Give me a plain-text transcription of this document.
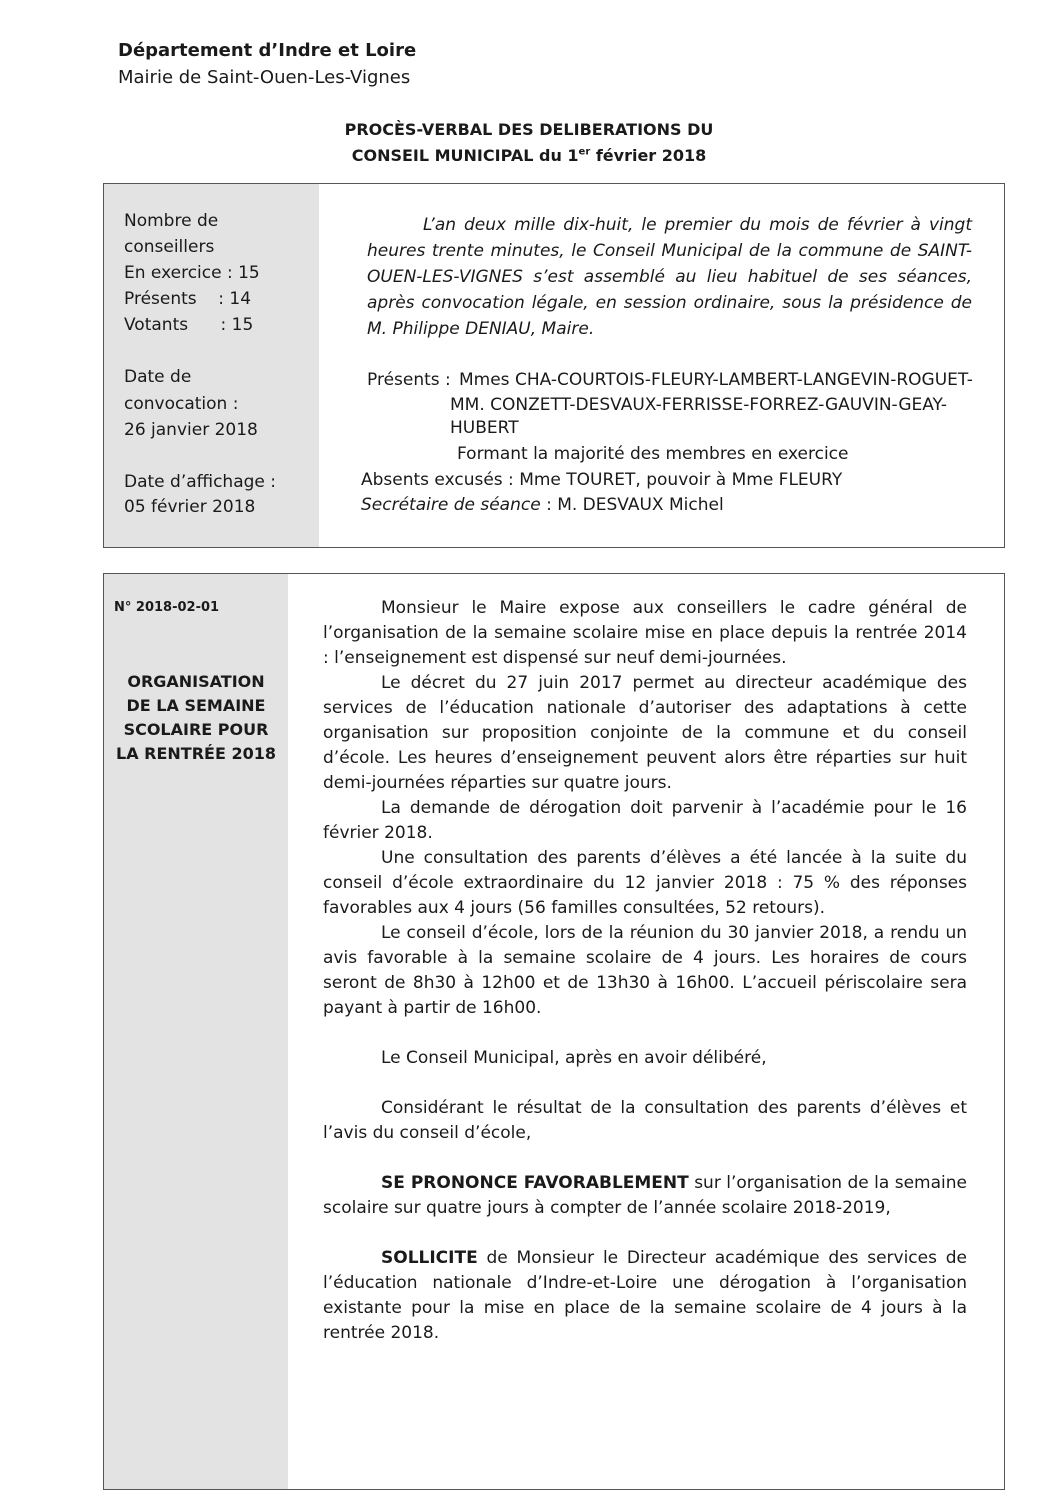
Département d’Indre et Loire
Mairie de Saint-Ouen-Les-Vignes
PROCÈS-VERBAL DES DELIBERATIONS DU
CONSEIL MUNICIPAL du 1er février 2018
Nombre de
conseillers
En exercice : 15
Présents    : 14
Votants      : 15
Date de
convocation :
26 janvier 2018
Date d’affichage :
05 février 2018
L’an deux mille dix-huit, le premier du mois de février à vingt heures trente minutes, le Conseil Municipal de la commune de SAINT-OUEN-LES-VIGNES s’est assemblé au lieu habituel de ses séances, après convocation légale, en session ordinaire, sous la présidence de M. Philippe DENIAU, Maire.
Présents : Mmes CHA-COURTOIS-FLEURY-LAMBERT-LANGEVIN-ROGUET-
MM. CONZETT-DESVAUX-FERRISSE-FORREZ-GAUVIN-GEAY-
HUBERT
Formant la majorité des membres en exercice
Absents excusés : Mme TOURET, pouvoir à Mme FLEURY
Secrétaire de séance : M. DESVAUX Michel
N° 2018-02-01
ORGANISATION
DE LA SEMAINE
SCOLAIRE POUR
LA RENTRÉE 2018

Monsieur le Maire expose aux conseillers le cadre général de l’organisation de la semaine scolaire mise en place depuis la rentrée 2014 : l’enseignement est dispensé sur neuf demi-journées.

Le décret du 27 juin 2017 permet au directeur académique des services de l’éducation nationale d’autoriser des adaptations à cette organisation sur proposition conjointe de la commune et du conseil d’école. Les heures d’enseignement peuvent alors être réparties sur huit demi-journées réparties sur quatre jours.

La demande de dérogation doit parvenir à l’académie pour le 16 février 2018.

Une consultation des parents d’élèves a été lancée à la suite du conseil d’école extraordinaire du 12 janvier 2018 : 75 % des réponses favorables aux 4 jours (56 familles consultées, 52 retours).

Le conseil d’école, lors de la réunion du 30 janvier 2018, a rendu un avis favorable à la semaine scolaire de 4 jours. Les horaires de cours seront de 8h30 à 12h00 et de 13h30 à 16h00. L’accueil périscolaire sera payant à partir de 16h00.

Le Conseil Municipal, après en avoir délibéré,

Considérant le résultat de la consultation des parents d’élèves et l’avis du conseil d’école,

SE PRONONCE FAVORABLEMENT sur l’organisation de la semaine scolaire sur quatre jours à compter de l’année scolaire 2018-2019,

SOLLICITE de Monsieur le Directeur académique des services de l’éducation nationale d’Indre-et-Loire une dérogation à l’organisation existante pour la mise en place de la semaine scolaire de 4 jours à la rentrée 2018.
